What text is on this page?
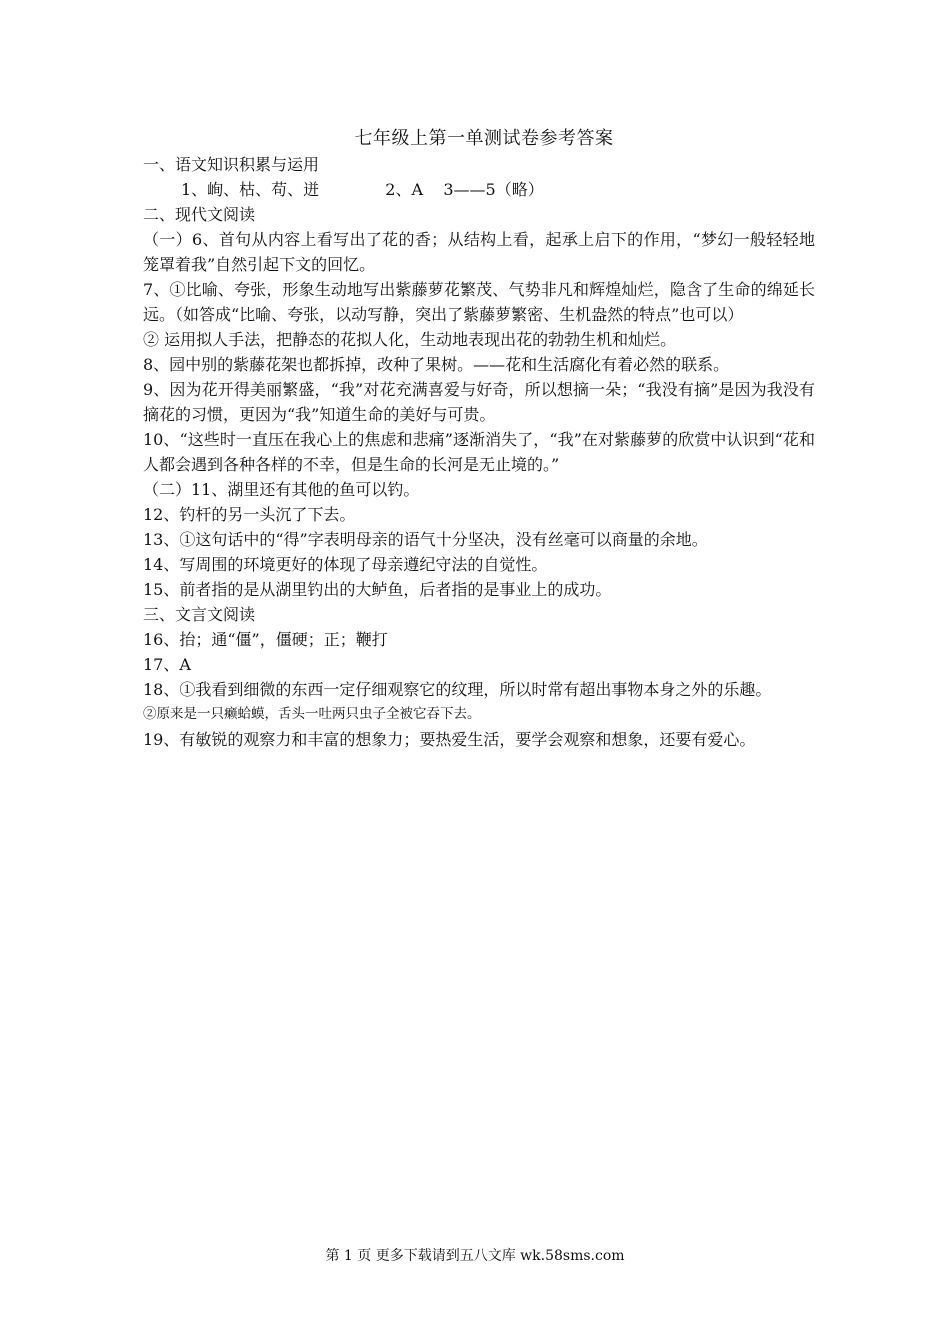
七年级上第一单测试卷参考答案

一、语文知识积累与运用

1、峋、枯、苟、迸             2、A    3——5（略）

二、现代文阅读

（一）6、首句从内容上看写出了花的香；从结构上看，起承上启下的作用，“梦幻一般轻轻地笼罩着我”自然引起下文的回忆。

7、①比喻、夸张，形象生动地写出紫藤萝花繁茂、气势非凡和辉煌灿烂，隐含了生命的绵延长远。（如答成“比喻、夸张，以动写静，突出了紫藤萝繁密、生机盎然的特点”也可以）

② 运用拟人手法，把静态的花拟人化，生动地表现出花的勃勃生机和灿烂。

8、园中别的紫藤花架也都拆掉，改种了果树。——花和生活腐化有着必然的联系。

9、因为花开得美丽繁盛，“我”对花充满喜爱与好奇，所以想摘一朵；“我没有摘”是因为我没有摘花的习惯，更因为“我”知道生命的美好与可贵。

10、“这些时一直压在我心上的焦虑和悲痛”逐渐消失了，“我”在对紫藤萝的欣赏中认识到“花和人都会遇到各种各样的不幸，但是生命的长河是无止境的。”

（二）11、湖里还有其他的鱼可以钓。

12、钓杆的另一头沉了下去。

13、①这句话中的“得”字表明母亲的语气十分坚决，没有丝毫可以商量的余地。

14、写周围的环境更好的体现了母亲遵纪守法的自觉性。

15、前者指的是从湖里钓出的大鲈鱼，后者指的是事业上的成功。

三、文言文阅读

16、抬；通“僵”，僵硬；正；鞭打

17、A

18、①我看到细微的东西一定仔细观察它的纹理，所以时常有超出事物本身之外的乐趣。

②原来是一只癞蛤蟆，舌头一吐两只虫子全被它吞下去。

19、有敏锐的观察力和丰富的想象力；要热爱生活，要学会观察和想象，还要有爱心。

第 1 页 更多下载请到五八文库 wk.58sms.com
